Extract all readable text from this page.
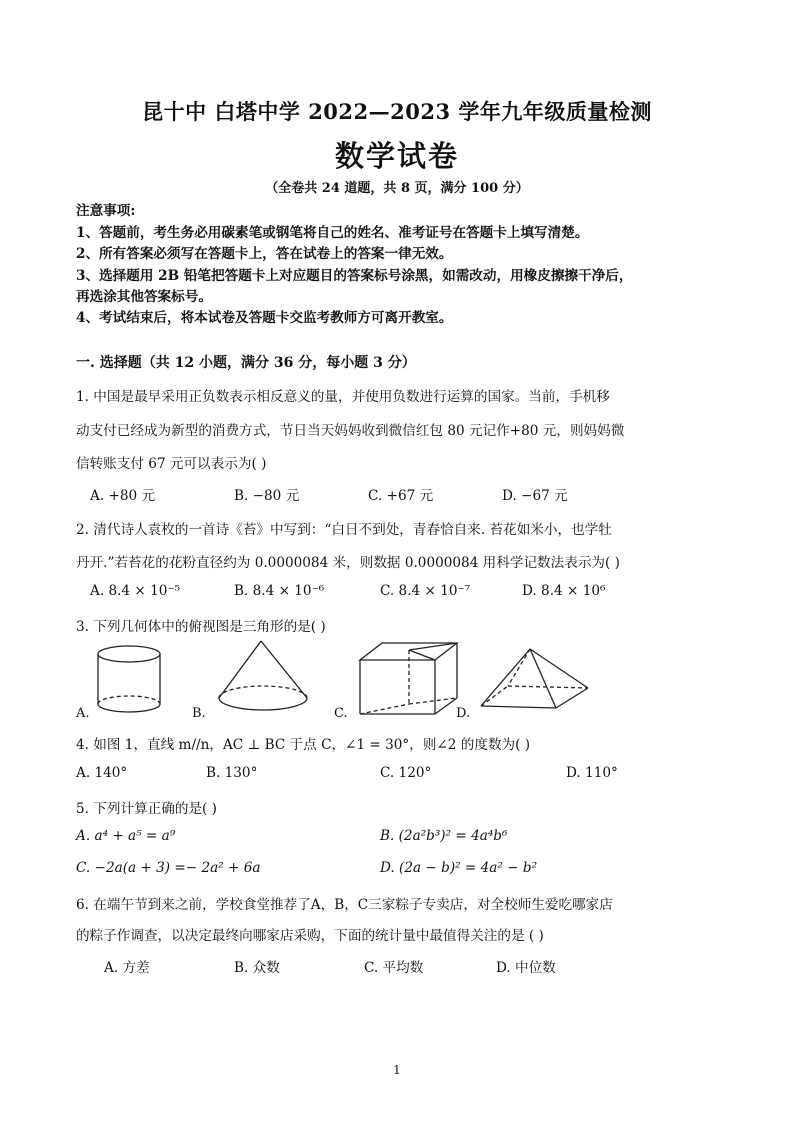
昆十中 白塔中学 2022—2023 学年九年级质量检测
数学试卷
（全卷共 24 道题，共 8 页，满分 100 分）
注意事项:
1、答题前，考生务必用碳素笔或钢笔将自己的姓名、准考证号在答题卡上填写清楚。
2、所有答案必须写在答题卡上，答在试卷上的答案一律无效。
3、选择题用 2B 铅笔把答题卡上对应题目的答案标号涂黑，如需改动，用橡皮擦擦干净后，
再选涂其他答案标号。
4、考试结束后，将本试卷及答题卡交监考教师方可离开教室。
一. 选择题（共 12 小题，满分 36 分，每小题 3 分）
1. 中国是最早采用正负数表示相反意义的量，并使用负数进行运算的国家。当前，手机移
动支付已经成为新型的消费方式，节日当天妈妈收到微信红包 80 元记作+80 元，则妈妈微
信转账支付 67 元可以表示为( )
A. +80 元	B. −80 元	C. +67 元	D. −67 元
2. 清代诗人袁枚的一首诗《苔》中写到：“白日不到处，青春恰自来. 苔花如米小，也学牡
丹开.”若苔花的花粉直径约为 0.0000084 米，则数据 0.0000084 用科学记数法表示为( )
A. 8.4 × 10⁻⁵	B. 8.4 × 10⁻⁶	C. 8.4 × 10⁻⁷	D. 8.4 × 10⁶
3. 下列几何体中的俯视图是三角形的是( )
A.	B.	C.	D.
4. 如图 1，直线 m//n，AC ⊥ BC 于点 C，∠1 = 30°，则∠2 的度数为( )
A. 140°	B. 130°	C. 120°	D. 110°
5. 下列计算正确的是( )
A. a⁴ + a⁵ = a⁹	B. (2a²b³)² = 4a⁴b⁶
C. −2a(a + 3) =− 2a² + 6a	D. (2a − b)² = 4a² − b²
6. 在端午节到来之前，学校食堂推荐了A，B，C三家粽子专卖店，对全校师生爱吃哪家店
的粽子作调查，以决定最终向哪家店采购，下面的统计量中最值得关注的是 ( )
A. 方差	B. 众数	C. 平均数	D. 中位数
1
